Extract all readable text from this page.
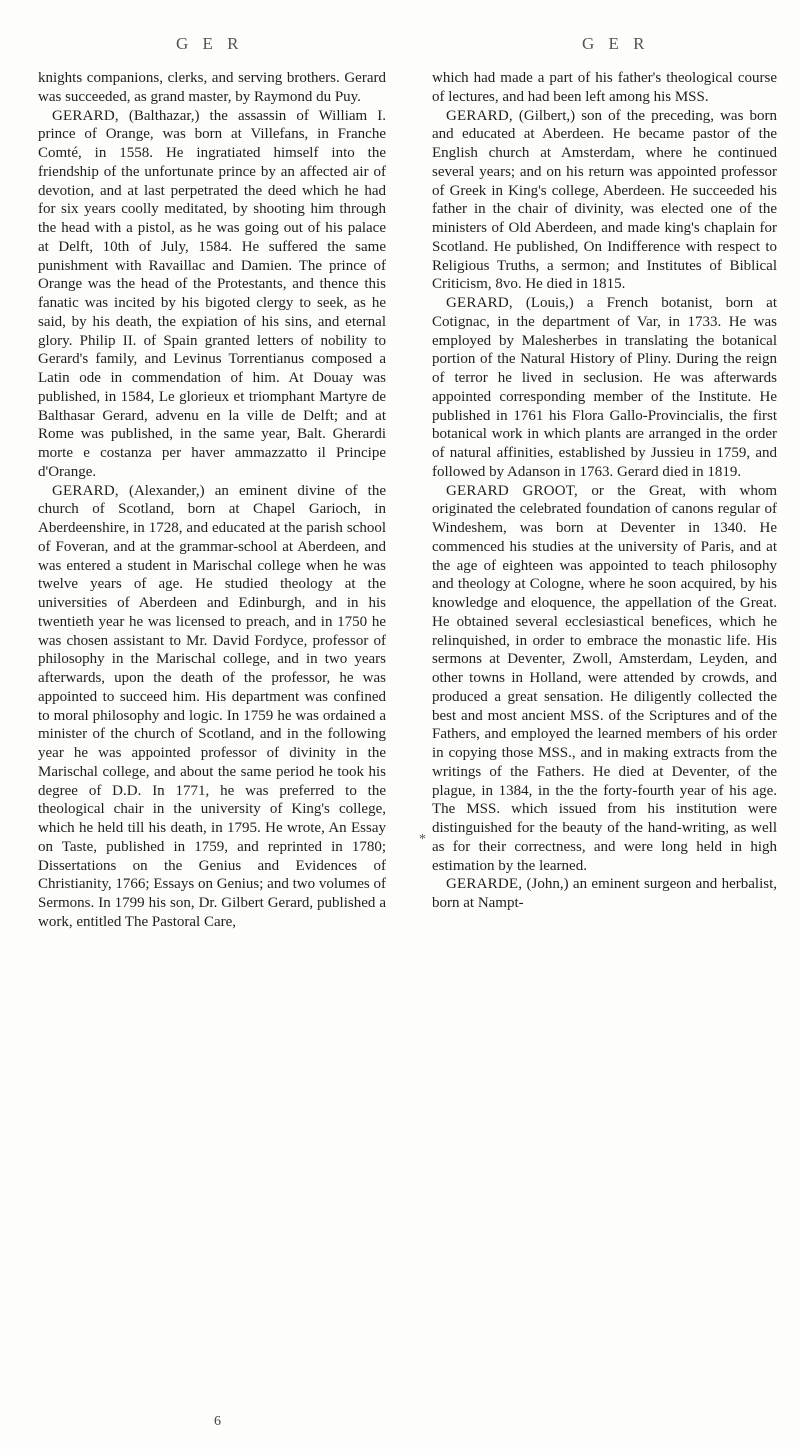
G E R	G E R

knights companions, clerks, and serving brothers. Gerard was succeeded, as grand master, by Raymond du Puy.

GERARD, (Balthazar,) the assassin of William I. prince of Orange, was born at Villefans, in Franche Comté, in 1558. He ingratiated himself into the friendship of the unfortunate prince by an affected air of devotion, and at last perpetrated the deed which he had for six years coolly meditated, by shooting him through the head with a pistol, as he was going out of his palace at Delft, 10th of July, 1584. He suffered the same punishment with Ravaillac and Damien. The prince of Orange was the head of the Protestants, and thence this fanatic was incited by his bigoted clergy to seek, as he said, by his death, the expiation of his sins, and eternal glory. Philip II. of Spain granted letters of nobility to Gerard's family, and Levinus Torrentianus composed a Latin ode in commendation of him. At Douay was published, in 1584, Le glorieux et triomphant Martyre de Balthasar Gerard, advenu en la ville de Delft; and at Rome was published, in the same year, Balt. Gherardi morte e costanza per haver ammazzatto il Principe d'Orange.

GERARD, (Alexander,) an eminent divine of the church of Scotland, born at Chapel Garioch, in Aberdeenshire, in 1728, and educated at the parish school of Foveran, and at the grammar-school at Aberdeen, and was entered a student in Marischal college when he was twelve years of age. He studied theology at the universities of Aberdeen and Edinburgh, and in his twentieth year he was licensed to preach, and in 1750 he was chosen assistant to Mr. David Fordyce, professor of philosophy in the Marischal college, and in two years afterwards, upon the death of the professor, he was appointed to succeed him. His department was confined to moral philosophy and logic. In 1759 he was ordained a minister of the church of Scotland, and in the following year he was appointed professor of divinity in the Marischal college, and about the same period he took his degree of D.D. In 1771, he was preferred to the theological chair in the university of King's college, which he held till his death, in 1795. He wrote, An Essay on Taste, published in 1759, and reprinted in 1780; Dissertations on the Genius and Evidences of Christianity, 1766; Essays on Genius; and two volumes of Sermons. In 1799 his son, Dr. Gilbert Gerard, published a work, entitled The Pastoral Care,

which had made a part of his father's theological course of lectures, and had been left among his MSS.

GERARD, (Gilbert,) son of the preceding, was born and educated at Aberdeen. He became pastor of the English church at Amsterdam, where he continued several years; and on his return was appointed professor of Greek in King's college, Aberdeen. He succeeded his father in the chair of divinity, was elected one of the ministers of Old Aberdeen, and made king's chaplain for Scotland. He published, On Indifference with respect to Religious Truths, a sermon; and Institutes of Biblical Criticism, 8vo. He died in 1815.

GERARD, (Louis,) a French botanist, born at Cotignac, in the department of Var, in 1733. He was employed by Malesherbes in translating the botanical portion of the Natural History of Pliny. During the reign of terror he lived in seclusion. He was afterwards appointed corresponding member of the Institute. He published in 1761 his Flora Gallo-Provincialis, the first botanical work in which plants are arranged in the order of natural affinities, established by Jussieu in 1759, and followed by Adanson in 1763. Gerard died in 1819.

GERARD GROOT, or the Great, with whom originated the celebrated foundation of canons regular of Windeshem, was born at Deventer in 1340. He commenced his studies at the university of Paris, and at the age of eighteen was appointed to teach philosophy and theology at Cologne, where he soon acquired, by his knowledge and eloquence, the appellation of the Great. He obtained several ecclesiastical benefices, which he relinquished, in order to embrace the monastic life. His sermons at Deventer, Zwoll, Amsterdam, Leyden, and other towns in Holland, were attended by crowds, and produced a great sensation. He diligently collected the best and most ancient MSS. of the Scriptures and of the Fathers, and employed the learned members of his order in copying those MSS., and in making extracts from the writings of the Fathers. He died at Deventer, of the plague, in 1384, in the the forty-fourth year of his age. The MSS. which issued from his institution were distinguished for the beauty of the hand-writing, as well as for their correctness, and were long held in high estimation by the learned.

GERARDE, (John,) an eminent surgeon and herbalist, born at Nampt-

*
6
